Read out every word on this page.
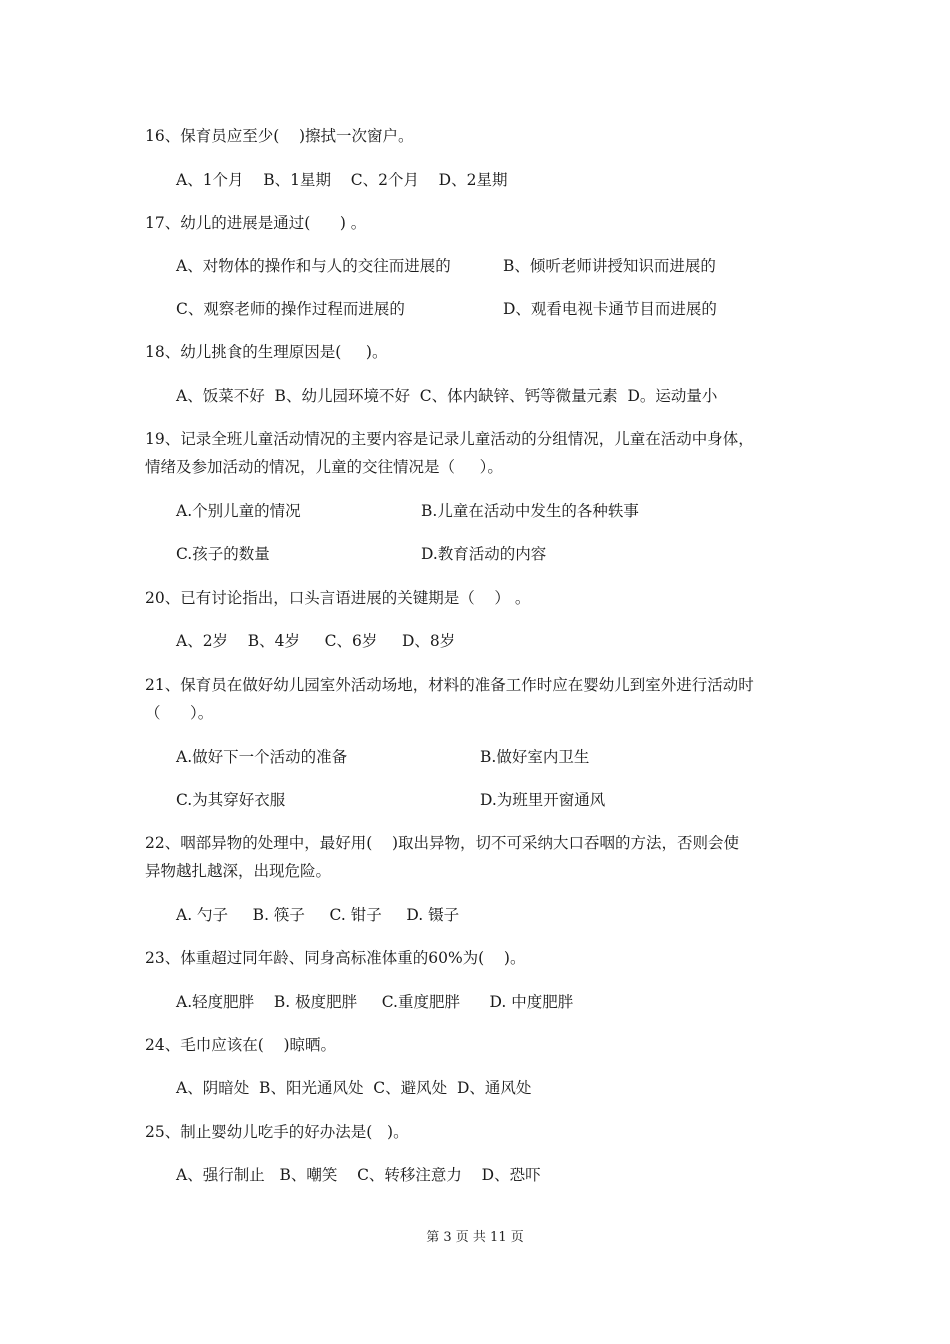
16、保育员应至少(    )擦拭一次窗户。
A、1个月    B、1星期    C、2个月    D、2星期
17、幼儿的进展是通过(      ) 。
A、对物体的操作和与人的交往而进展的	B、倾听老师讲授知识而进展的
C、观察老师的操作过程而进展的	D、观看电视卡通节目而进展的
18、幼儿挑食的生理原因是(     )。
A、饭菜不好  B、幼儿园环境不好  C、体内缺锌、钙等微量元素  D。运动量小
19、记录全班儿童活动情况的主要内容是记录儿童活动的分组情况，儿童在活动中身体，
情绪及参加活动的情况，儿童的交往情况是（     ）。
A.个别儿童的情况	B.儿童在活动中发生的各种轶事
C.孩子的数量	D.教育活动的内容
20、已有讨论指出，口头言语进展的关键期是（    ） 。
A、2岁    B、4岁     C、6岁     D、8岁
21、保育员在做好幼儿园室外活动场地，材料的准备工作时应在婴幼儿到室外进行活动时
（      ）。
A.做好下一个活动的准备	B.做好室内卫生
C.为其穿好衣服	D.为班里开窗通风
22、咽部异物的处理中，最好用(    )取出异物，切不可采纳大口吞咽的方法，否则会使
异物越扎越深，出现危险。
A. 勺子     B. 筷子     C. 钳子     D. 镊子
23、体重超过同年龄、同身高标准体重的60%为(    )。
A.轻度肥胖    B. 极度肥胖     C.重度肥胖      D. 中度肥胖
24、毛巾应该在(    )晾晒。
A、阴暗处  B、阳光通风处  C、避风处  D、通风处
25、制止婴幼儿吃手的好办法是(   )。
A、强行制止   B、嘲笑    C、转移注意力    D、恐吓
第 3 页 共 11 页
